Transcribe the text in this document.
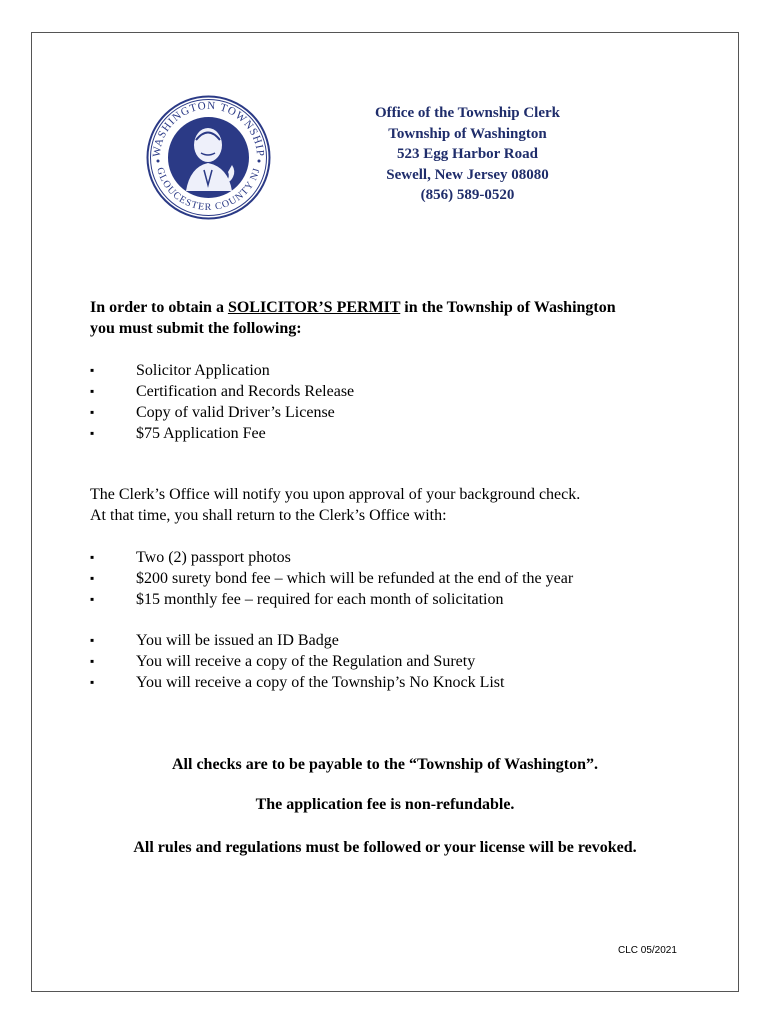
WASHINGTON TOWNSHIP
GLOUCESTER COUNTY NJ
Office of the Township Clerk
Township of Washington
523 Egg Harbor Road
Sewell, New Jersey 08080
(856) 589-0520
In order to obtain a SOLICITOR’S PERMIT in the Township of Washington
you must submit the following:
▪	Solicitor Application
▪	Certification and Records Release
▪	Copy of valid Driver’s License
▪	$75 Application Fee
The Clerk’s Office will notify you upon approval of your background check.
At that time, you shall return to the Clerk’s Office with:
▪	Two (2) passport photos
▪	$200 surety bond fee – which will be refunded at the end of the year
▪	$15 monthly fee – required for each month of solicitation
▪	You will be issued an ID Badge
▪	You will receive a copy of the Regulation and Surety
▪	You will receive a copy of the Township’s No Knock List
All checks are to be payable to the “Township of Washington”.
The application fee is non-refundable.
All rules and regulations must be followed or your license will be revoked.
CLC 05/2021
